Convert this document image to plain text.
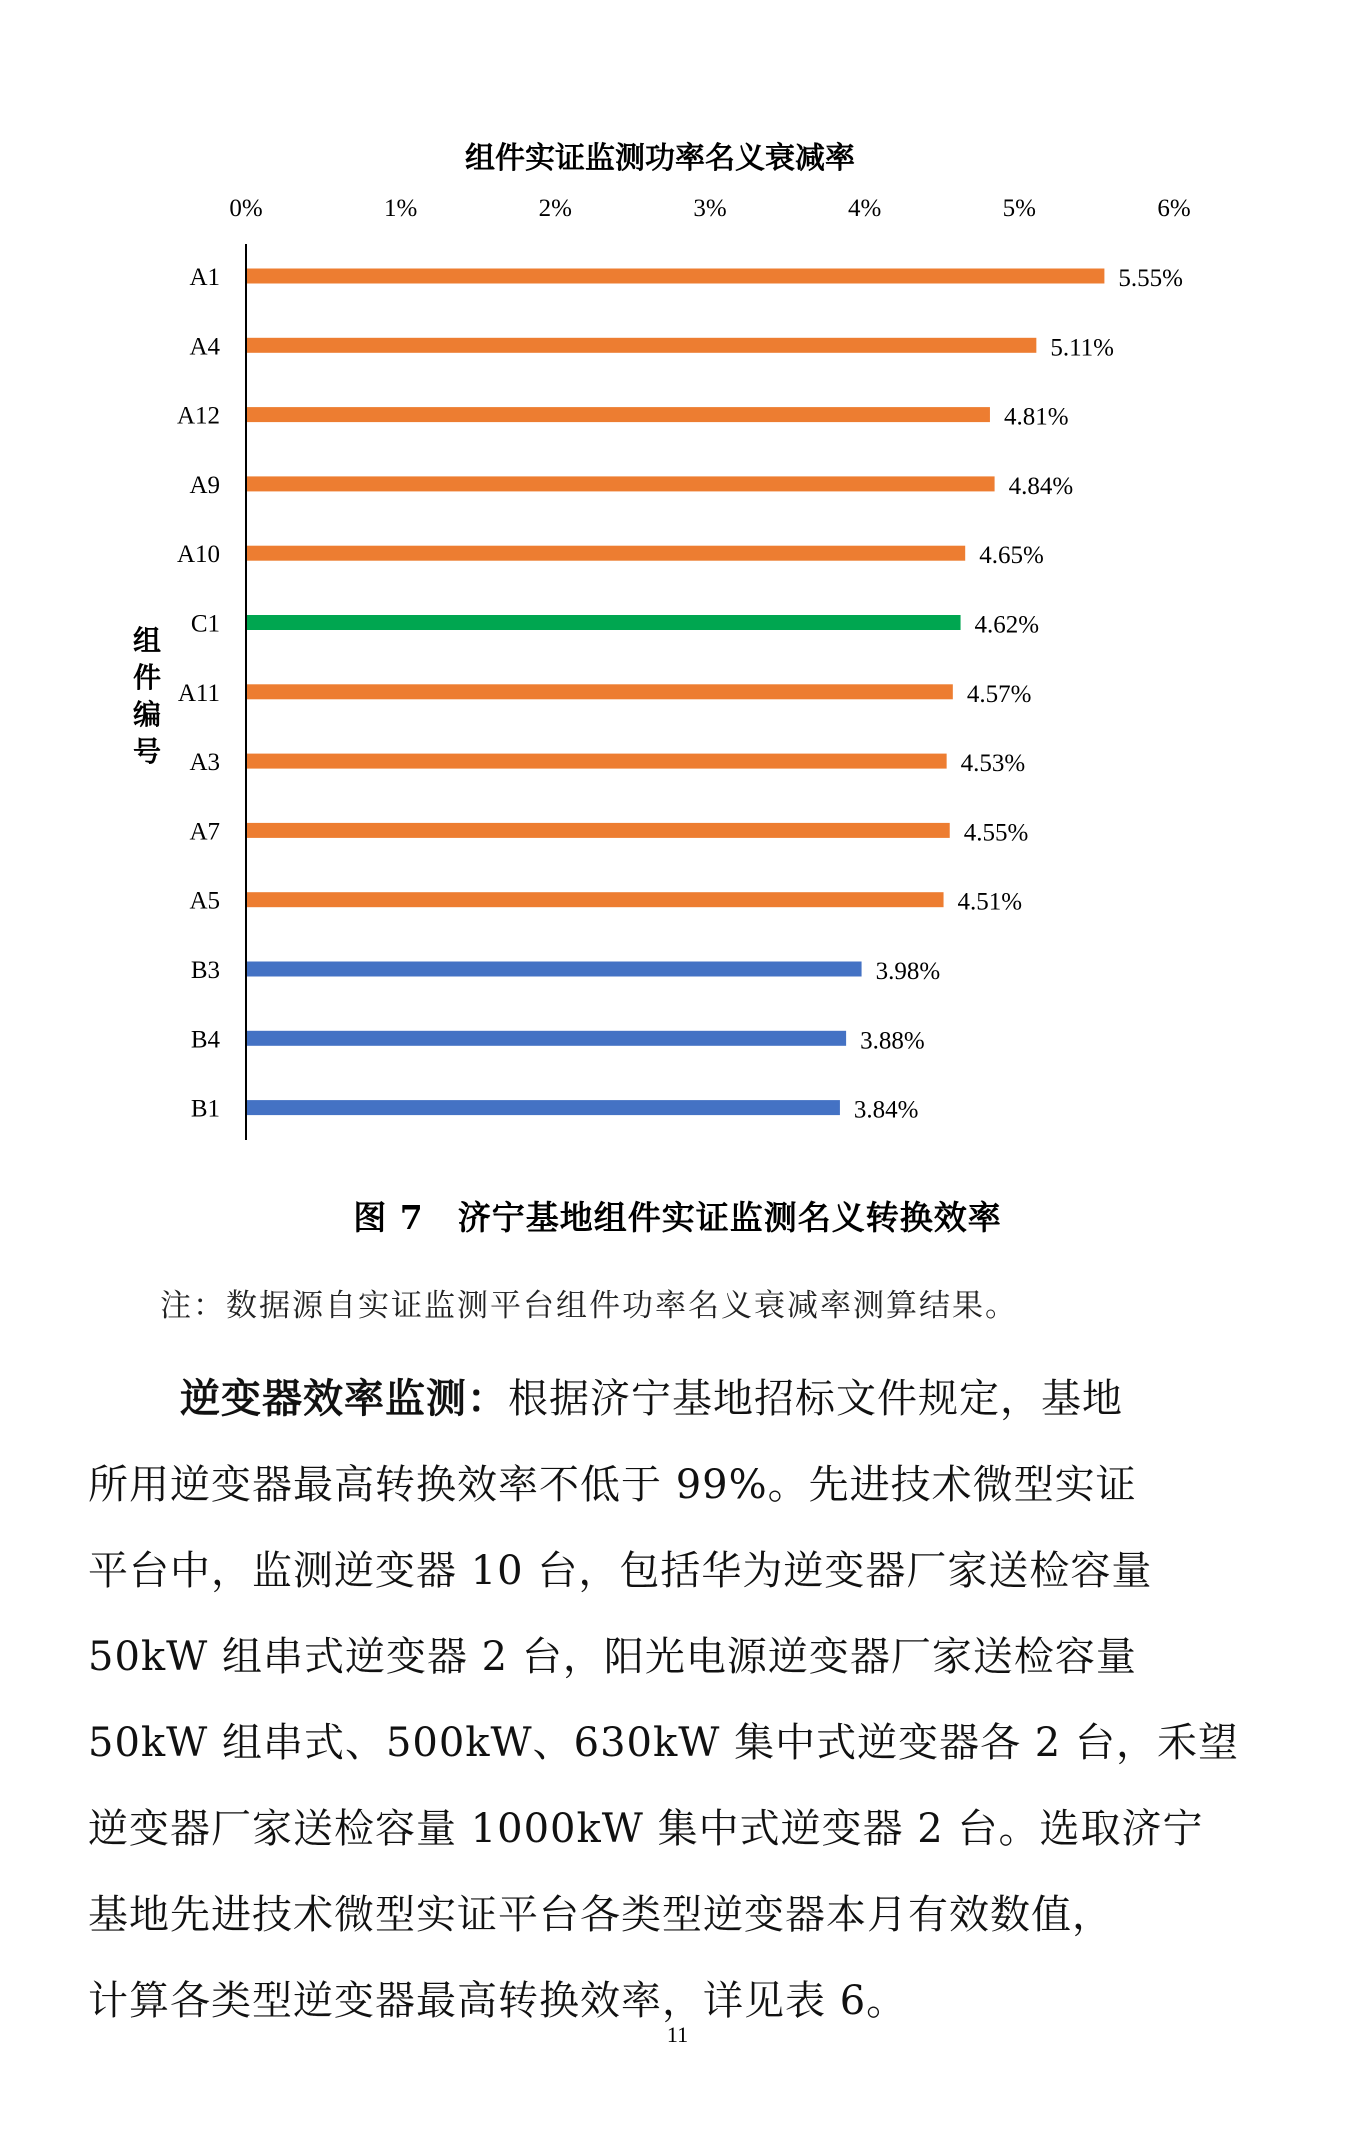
组件实证监测功率名义衰减率
0%	1%	2%	3%	4%	5%	6%
组件编号
A1	5.55%
A4	5.11%
A12	4.81%
A9	4.84%
A10	4.65%
C1	4.62%
A11	4.57%
A3	4.53%
A7	4.55%
A5	4.51%
B3	3.98%
B4	3.88%
B1	3.84%
图 7　济宁基地组件实证监测名义转换效率
注：数据源自实证监测平台组件功率名义衰减率测算结果。
逆变器效率监测：根据济宁基地招标文件规定，基地
所用逆变器最高转换效率不低于 99%。先进技术微型实证
平台中，监测逆变器 10 台，包括华为逆变器厂家送检容量
50kW 组串式逆变器 2 台，阳光电源逆变器厂家送检容量
50kW 组串式、500kW、630kW 集中式逆变器各 2 台，禾望
逆变器厂家送检容量 1000kW 集中式逆变器 2 台。选取济宁
基地先进技术微型实证平台各类型逆变器本月有效数值，
计算各类型逆变器最高转换效率，详见表 6。
11
